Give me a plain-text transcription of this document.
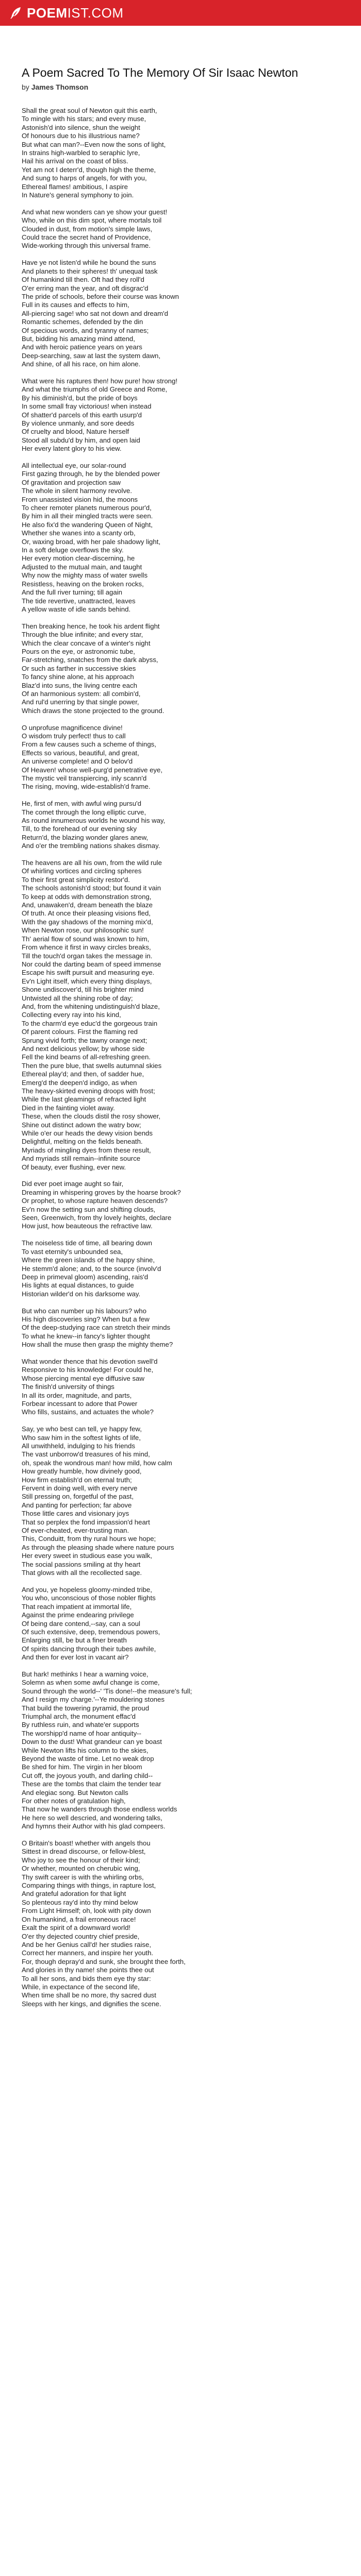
POEM IST.COM
A Poem Sacred To The Memory Of Sir Isaac Newton
by James Thomson
Shall the great soul of Newton quit this earth,
To mingle with his stars; and every muse,
Astonish'd into silence, shun the weight
Of honours due to his illustrious name?
But what can man?--Even now the sons of light,
In strains high-warbled to seraphic lyre,
Hail his arrival on the coast of bliss.
Yet am not I deterr'd, though high the theme,
And sung to harps of angels, for with you,
Ethereal flames! ambitious, I aspire
In Nature's general symphony to join.
And what new wonders can ye show your guest!
Who, while on this dim spot, where mortals toil
Clouded in dust, from motion's simple laws,
Could trace the secret hand of Providence,
Wide-working through this universal frame.
Have ye not listen'd while he bound the suns
And planets to their spheres! th' unequal task
Of humankind till then. Oft had they roll'd
O'er erring man the year, and oft disgrac'd
The pride of schools, before their course was known
Full in its causes and effects to him,
All-piercing sage! who sat not down and dream'd
Romantic schemes, defended by the din
Of specious words, and tyranny of names;
But, bidding his amazing mind attend,
And with heroic patience years on years
Deep-searching, saw at last the system dawn,
And shine, of all his race, on him alone.
What were his raptures then! how pure! how strong!
And what the triumphs of old Greece and Rome,
By his diminish'd, but the pride of boys
In some small fray victorious! when instead
Of shatter'd parcels of this earth usurp'd
By violence unmanly, and sore deeds
Of cruelty and blood, Nature herself
Stood all subdu'd by him, and open laid
Her every latent glory to his view.
All intellectual eye, our solar-round
First gazing through, he by the blended power
Of gravitation and projection saw
The whole in silent harmony revolve.
From unassisted vision hid, the moons
To cheer remoter planets numerous pour'd,
By him in all their mingled tracts were seen.
He also fix'd the wandering Queen of Night,
Whether she wanes into a scanty orb,
Or, waxing broad, with her pale shadowy light,
In a soft deluge overflows the sky.
Her every motion clear-discerning, he
Adjusted to the mutual main, and taught
Why now the mighty mass of water swells
Resistless, heaving on the broken rocks,
And the full river turning; till again
The tide revertive, unattracted, leaves
A yellow waste of idle sands behind.
Then breaking hence, he took his ardent flight
Through the blue infinite; and every star,
Which the clear concave of a winter's night
Pours on the eye, or astronomic tube,
Far-stretching, snatches from the dark abyss,
Or such as farther in successive skies
To fancy shine alone, at his approach
Blaz'd into suns, the living centre each
Of an harmonious system: all combin'd,
And rul'd unerring by that single power,
Which draws the stone projected to the ground.
O unprofuse magnificence divine!
O wisdom truly perfect! thus to call
From a few causes such a scheme of things,
Effects so various, beautiful, and great,
An universe complete! and O belov'd
Of Heaven! whose well-purg'd penetrative eye,
The mystic veil transpiercing, inly scann'd
The rising, moving, wide-establish'd frame.
He, first of men, with awful wing pursu'd
The comet through the long elliptic curve,
As round innumerous worlds he wound his way,
Till, to the forehead of our evening sky
Return'd, the blazing wonder glares anew,
And o'er the trembling nations shakes dismay.
The heavens are all his own, from the wild rule
Of whirling vortices and circling spheres
To their first great simplicity restor'd.
The schools astonish'd stood; but found it vain
To keep at odds with demonstration strong,
And, unawaken'd, dream beneath the blaze
Of truth. At once their pleasing visions fled,
With the gay shadows of the morning mix'd,
When Newton rose, our philosophic sun!
Th' aerial flow of sound was known to him,
From whence it first in wavy circles breaks,
Till the touch'd organ takes the message in.
Nor could the darting beam of speed immense
Escape his swift pursuit and measuring eye.
Ev'n Light itself, which every thing displays,
Shone undiscover'd, till his brighter mind
Untwisted all the shining robe of day;
And, from the whitening undistinguish'd blaze,
Collecting every ray into his kind,
To the charm'd eye educ'd the gorgeous train
Of parent colours. First the flaming red
Sprung vivid forth; the tawny orange next;
And next delicious yellow; by whose side
Fell the kind beams of all-refreshing green.
Then the pure blue, that swells autumnal skies
Ethereal play'd; and then, of sadder hue,
Emerg'd the deepen'd indigo, as when
The heavy-skirted evening droops with frost;
While the last gleamings of refracted light
Died in the fainting violet away.
These, when the clouds distil the rosy shower,
Shine out distinct adown the watry bow;
While o'er our heads the dewy vision bends
Delightful, melting on the fields beneath.
Myriads of mingling dyes from these result,
And myriads still remain--infinite source
Of beauty, ever flushing, ever new.
Did ever poet image aught so fair,
Dreaming in whispering groves by the hoarse brook?
Or prophet, to whose rapture heaven descends?
Ev'n now the setting sun and shifting clouds,
Seen, Greenwich, from thy lovely heights, declare
How just, how beauteous the refractive law.
The noiseless tide of time, all bearing down
To vast eternity's unbounded sea,
Where the green islands of the happy shine,
He stemm'd alone; and, to the source (involv'd
Deep in primeval gloom) ascending, rais'd
His lights at equal distances, to guide
Historian wilder'd on his darksome way.
But who can number up his labours? who
His high discoveries sing? When but a few
Of the deep-studying race can stretch their minds
To what he knew--in fancy's lighter thought
How shall the muse then grasp the mighty theme?
What wonder thence that his devotion swell'd
Responsive to his knowledge! For could he,
Whose piercing mental eye diffusive saw
The finish'd university of things
In all its order, magnitude, and parts,
Forbear incessant to adore that Power
Who fills, sustains, and actuates the whole?
Say, ye who best can tell, ye happy few,
Who saw him in the softest lights of life,
All unwithheld, indulging to his friends
The vast unborrow'd treasures of his mind,
oh, speak the wondrous man! how mild, how calm
How greatly humble, how divinely good,
How firm establish'd on eternal truth;
Fervent in doing well, with every nerve
Still pressing on, forgetful of the past,
And panting for perfection; far above
Those little cares and visionary joys
That so perplex the fond impassion'd heart
Of ever-cheated, ever-trusting man.
This, Conduitt, from thy rural hours we hope;
As through the pleasing shade where nature pours
Her every sweet in studious ease you walk,
The social passions smiling at thy heart
That glows with all the recollected sage.
And you, ye hopeless gloomy-minded tribe,
You who, unconscious of those nobler flights
That reach impatient at immortal life,
Against the prime endearing privilege
Of being dare contend,--say, can a soul
Of such extensive, deep, tremendous powers,
Enlarging still, be but a finer breath
Of spirits dancing through their tubes awhile,
And then for ever lost in vacant air?
But hark! methinks I hear a warning voice,
Solemn as when some awful change is come,
Sound through the world--' 'Tis done!--the measure's full;
And I resign my charge.'--Ye mouldering stones
That build the towering pyramid, the proud
Triumphal arch, the monument effac'd
By ruthless ruin, and whate'er supports
The worshipp'd name of hoar antiquity--
Down to the dust! What grandeur can ye boast
While Newton lifts his column to the skies,
Beyond the waste of time. Let no weak drop
Be shed for him. The virgin in her bloom
Cut off, the joyous youth, and darling child--
These are the tombs that claim the tender tear
And elegiac song. But Newton calls
For other notes of gratulation high,
That now he wanders through those endless worlds
He here so well descried, and wondering talks,
And hymns their Author with his glad compeers.
O Britain's boast! whether with angels thou
Sittest in dread discourse, or fellow-blest,
Who joy to see the honour of their kind;
Or whether, mounted on cherubic wing,
Thy swift career is with the whirling orbs,
Comparing things with things, in rapture lost,
And grateful adoration for that light
So plenteous ray'd into thy mind below
From Light Himself; oh, look with pity down
On humankind, a frail erroneous race!
Exalt the spirit of a downward world!
O'er thy dejected country chief preside,
And be her Genius call'd! her studies raise,
Correct her manners, and inspire her youth.
For, though depray'd and sunk, she brought thee forth,
And glories in thy name! she points thee out
To all her sons, and bids them eye thy star:
While, in expectance of the second life,
When time shall be no more, thy sacred dust
Sleeps with her kings, and dignifies the scene.
